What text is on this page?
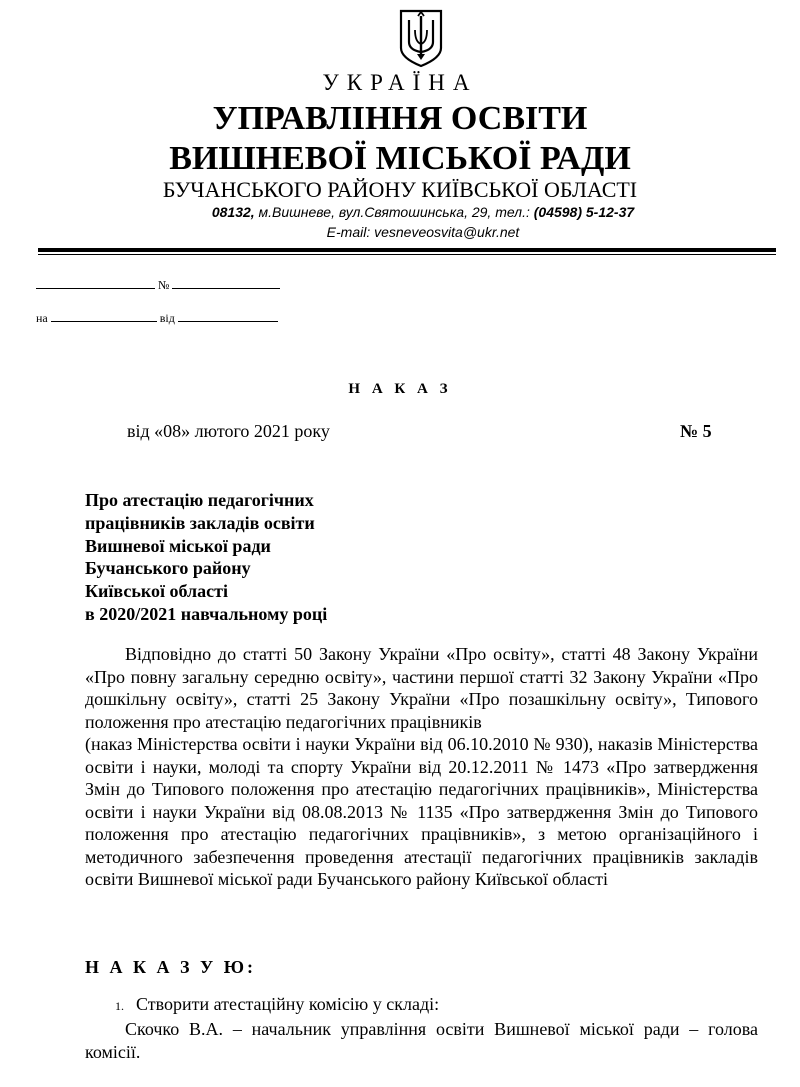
УКРАЇНА
УПРАВЛІННЯ ОСВІТИ
ВИШНЕВОЇ МІСЬКОЇ РАДИ
БУЧАНСЬКОГО РАЙОНУ КИЇВСЬКОЇ ОБЛАСТІ
08132, м.Вишневе, вул.Святошинська, 29, тел.: (04598) 5-12-37
E-mail: vesneveosvita@ukr.net
№
на	від
Н А К А З
від «08» лютого 2021 року	№ 5
Про атестацію педагогічних
працівників закладів освіти
Вишневої міської ради
Бучанського району
Київської області
в 2020/2021 навчальному році

Відповідно до статті 50 Закону України «Про освіту», статті 48 Закону України «Про повну загальну середню освіту», частини першої статті 32 Закону України «Про дошкільну освіту», статті 25 Закону України «Про позашкільну освіту», Типового положення про атестацію педагогічних працівників

(наказ Міністерства освіти і науки України від 06.10.2010 № 930), наказів Міністерства освіти і науки, молоді та спорту України від 20.12.2011 № 1473 «Про затвердження Змін до Типового положення про атестацію педагогічних працівників», Міністерства освіти і науки України від 08.08.2013 № 1135 «Про затвердження Змін до Типового положення про атестацію педагогічних працівників», з метою організаційного і методичного забезпечення проведення атестації педагогічних працівників закладів освіти Вишневої міської ради Бучанського району Київської області

Н А К А З У Ю:
1. Створити атестаційну комісію у складі:
Скочко В.А. – начальник управління освіти Вишневої міської ради – голова комісії.
